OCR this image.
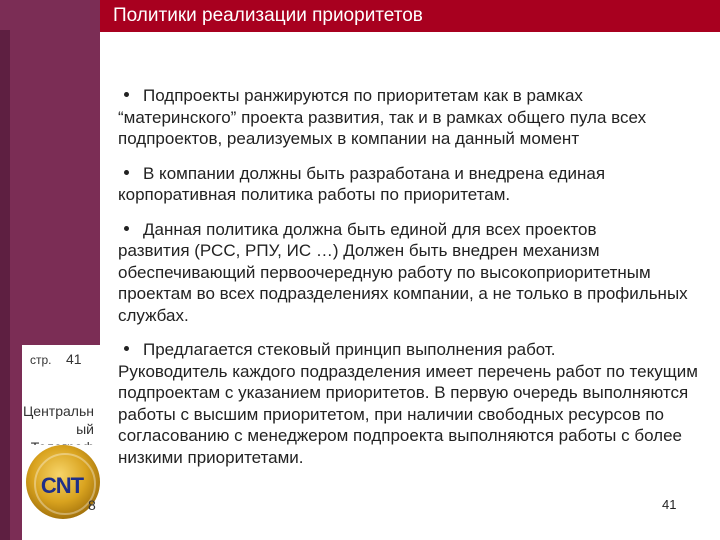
Политики реализации приоритетов
Подпроекты ранжируются по приоритетам как в рамках
“материнского” проекта развития, так и в рамках общего пула всех подпроектов, реализуемых в компании на данный момент
В компании должны быть разработана и внедрена единая
корпоративная политика работы по приоритетам.
Данная политика должна быть единой для всех проектов
развития (РСС, РПУ, ИС …) Должен быть внедрен механизм обеспечивающий первоочередную работу по высокоприоритетным проектам во всех подразделениях компании, а не только в профильных службах.
Предлагается стековый принцип выполнения работ.
Руководитель каждого подразделения имеет перечень работ по текущим подпроектам с указанием приоритетов. В первую очередь выполняются работы с высшим приоритетом, при наличии свободных ресурсов по согласованию с менеджером подпроекта выполняются работы с более низкими приоритетами.
стр. 41
Центральн
ый
CNT
8	41
